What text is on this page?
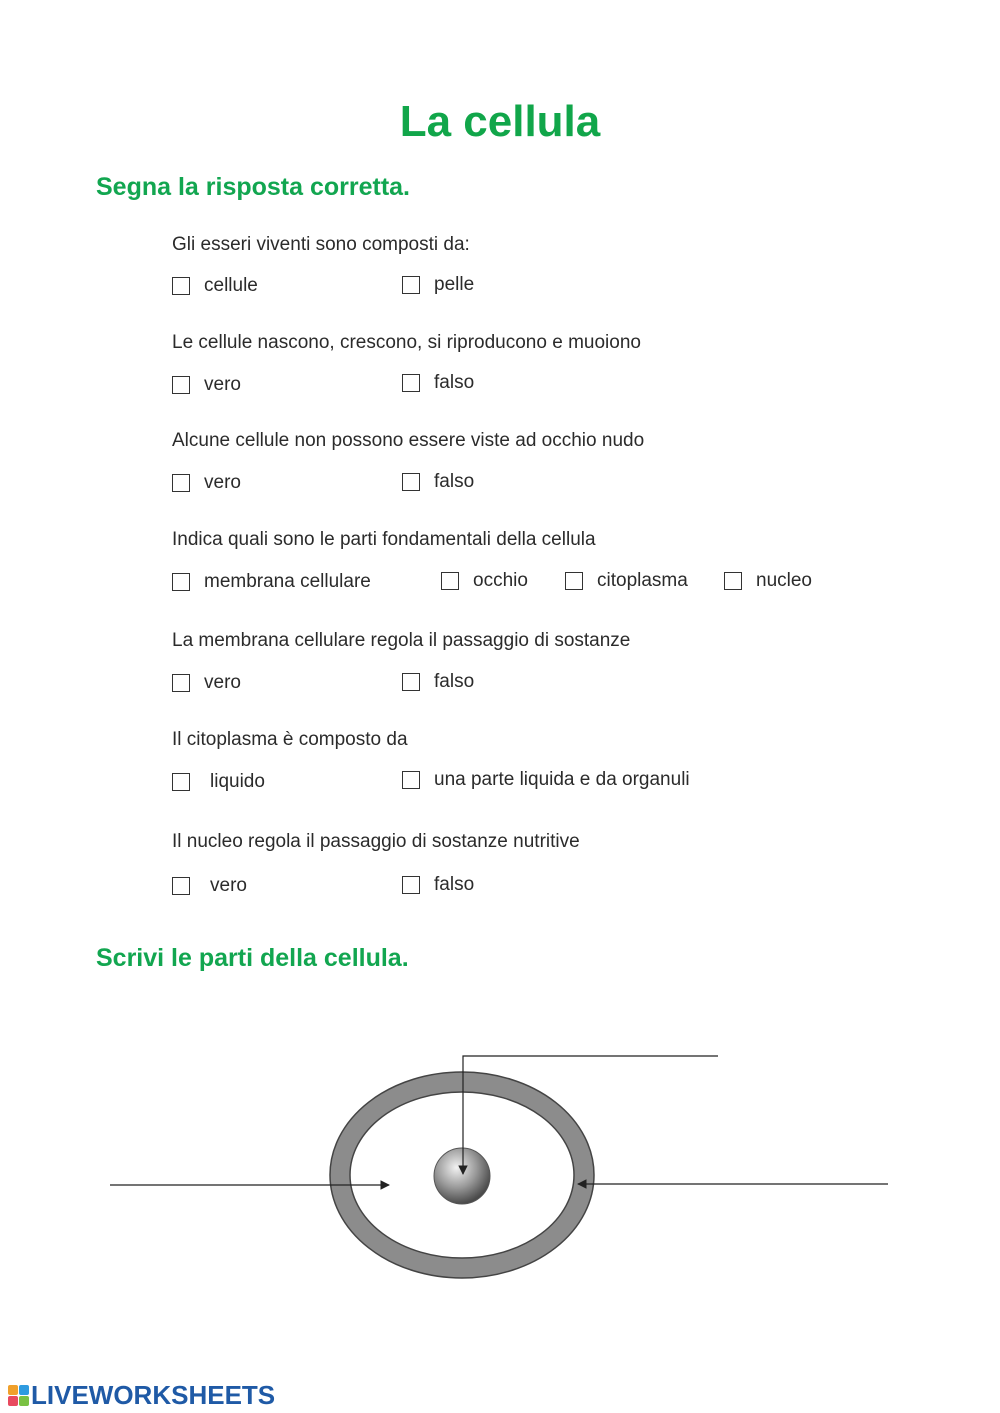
La cellula
Segna la risposta corretta.

Gli esseri viventi sono composti da:

cellule	pelle

Le cellule nascono, crescono, si riproducono e muoiono

vero	falso

Alcune cellule non possono essere viste ad occhio nudo

vero	falso

Indica quali sono le parti fondamentali della cellula

membrana cellulare	occhio	citoplasma	nucleo

La membrana cellulare regola il passaggio di sostanze

vero	falso

Il citoplasma è composto da

liquido	una parte liquida e da organuli

Il nucleo regola il passaggio di sostanze nutritive

vero	falso
Scrivi le parti della cellula.
LIVEWORKSHEETS
